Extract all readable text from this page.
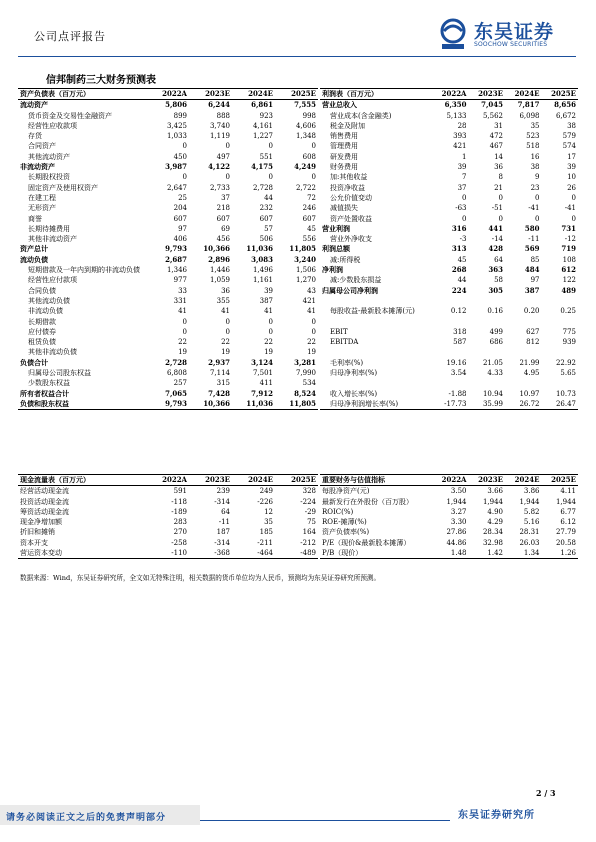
公司点评报告	东吴证券
SOOCHOW SECURITIES
信邦制药三大财务预测表
资产负债表（百万元）	2022A	2023E	2024E	2025E
流动资产	5,806	6,244	6,861	7,555
货币资金及交易性金融资产	899	888	923	998
经营性应收款项	3,425	3,740	4,161	4,606
存货	1,033	1,119	1,227	1,348
合同资产	0	0	0	0
其他流动资产	450	497	551	608
非流动资产	3,987	4,122	4,175	4,249
长期股权投资	0	0	0	0
固定资产及使用权资产	2,647	2,733	2,728	2,722
在建工程	25	37	44	72
无形资产	204	218	232	246
商誉	607	607	607	607
长期待摊费用	97	69	57	45
其他非流动资产	406	456	506	556
资产总计	9,793	10,366	11,036	11,805
流动负债	2,687	2,896	3,083	3,240
短期借款及一年内到期的非流动负债	1,346	1,446	1,496	1,506
经营性应付款项	977	1,059	1,161	1,270
合同负债	33	36	39	43
其他流动负债	331	355	387	421
非流动负债	41	41	41	41
长期借款	0	0	0	0
应付债券	0	0	0	0
租赁负债	22	22	22	22
其他非流动负债	19	19	19	19
负债合计	2,728	2,937	3,124	3,281
归属母公司股东权益	6,808	7,114	7,501	7,990
少数股东权益	257	315	411	534
所有者权益合计	7,065	7,428	7,912	8,524
负债和股东权益	9,793	10,366	11,036	11,805
利润表（百万元）	2022A	2023E	2024E	2025E
营业总收入	6,350	7,045	7,817	8,656
营业成本(含金融类)	5,133	5,562	6,098	6,672
税金及附加	28	31	35	38
销售费用	393	472	523	579
管理费用	421	467	518	574
研发费用	1	14	16	17
财务费用	39	36	38	39
加:其他收益	7	8	9	10
投资净收益	37	21	23	26
公允价值变动	0	0	0	0
减值损失	-63	-51	-41	-41
资产处置收益	0	0	0	0
营业利润	316	441	580	731
营业外净收支	-3	-14	-11	-12
利润总额	313	428	569	719
减:所得税	45	64	85	108
净利润	268	363	484	612
减:少数股东损益	44	58	97	122
归属母公司净利润	224	305	387	489

每股收益-最新股本摊薄(元)	0.12	0.16	0.20	0.25

EBIT	318	499	627	775
EBITDA	587	686	812	939

毛利率(%)	19.16	21.05	21.99	22.92
归母净利率(%)	3.54	4.33	4.95	5.65

收入增长率(%)	-1.88	10.94	10.97	10.73
归母净利润增长率(%)	-17.73	35.99	26.72	26.47
现金流量表（百万元）	2022A	2023E	2024E	2025E
经营活动现金流	591	239	249	328
投资活动现金流	-118	-314	-226	-224
筹资活动现金流	-189	64	12	-29
现金净增加额	283	-11	35	75
折旧和摊销	270	187	185	164
资本开支	-258	-314	-211	-212
营运资本变动	-110	-368	-464	-489
重要财务与估值指标	2022A	2023E	2024E	2025E
每股净资产(元)	3.50	3.66	3.86	4.11
最新发行在外股份（百万股）	1,944	1,944	1,944	1,944
ROIC(%)	3.27	4.90	5.82	6.77
ROE-摊薄(%)	3.30	4.29	5.16	6.12
资产负债率(%)	27.86	28.34	28.31	27.79
P/E（现价&最新股本摊薄）	44.86	32.98	26.03	20.58
P/B（现价）	1.48	1.42	1.34	1.26
数据来源：Wind，东吴证券研究所，全文如无特殊注明，相关数据的货币单位均为人民币，预测均为东吴证券研究所预测。
2 / 3
请务必阅读正文之后的免责声明部分	东吴证券研究所
